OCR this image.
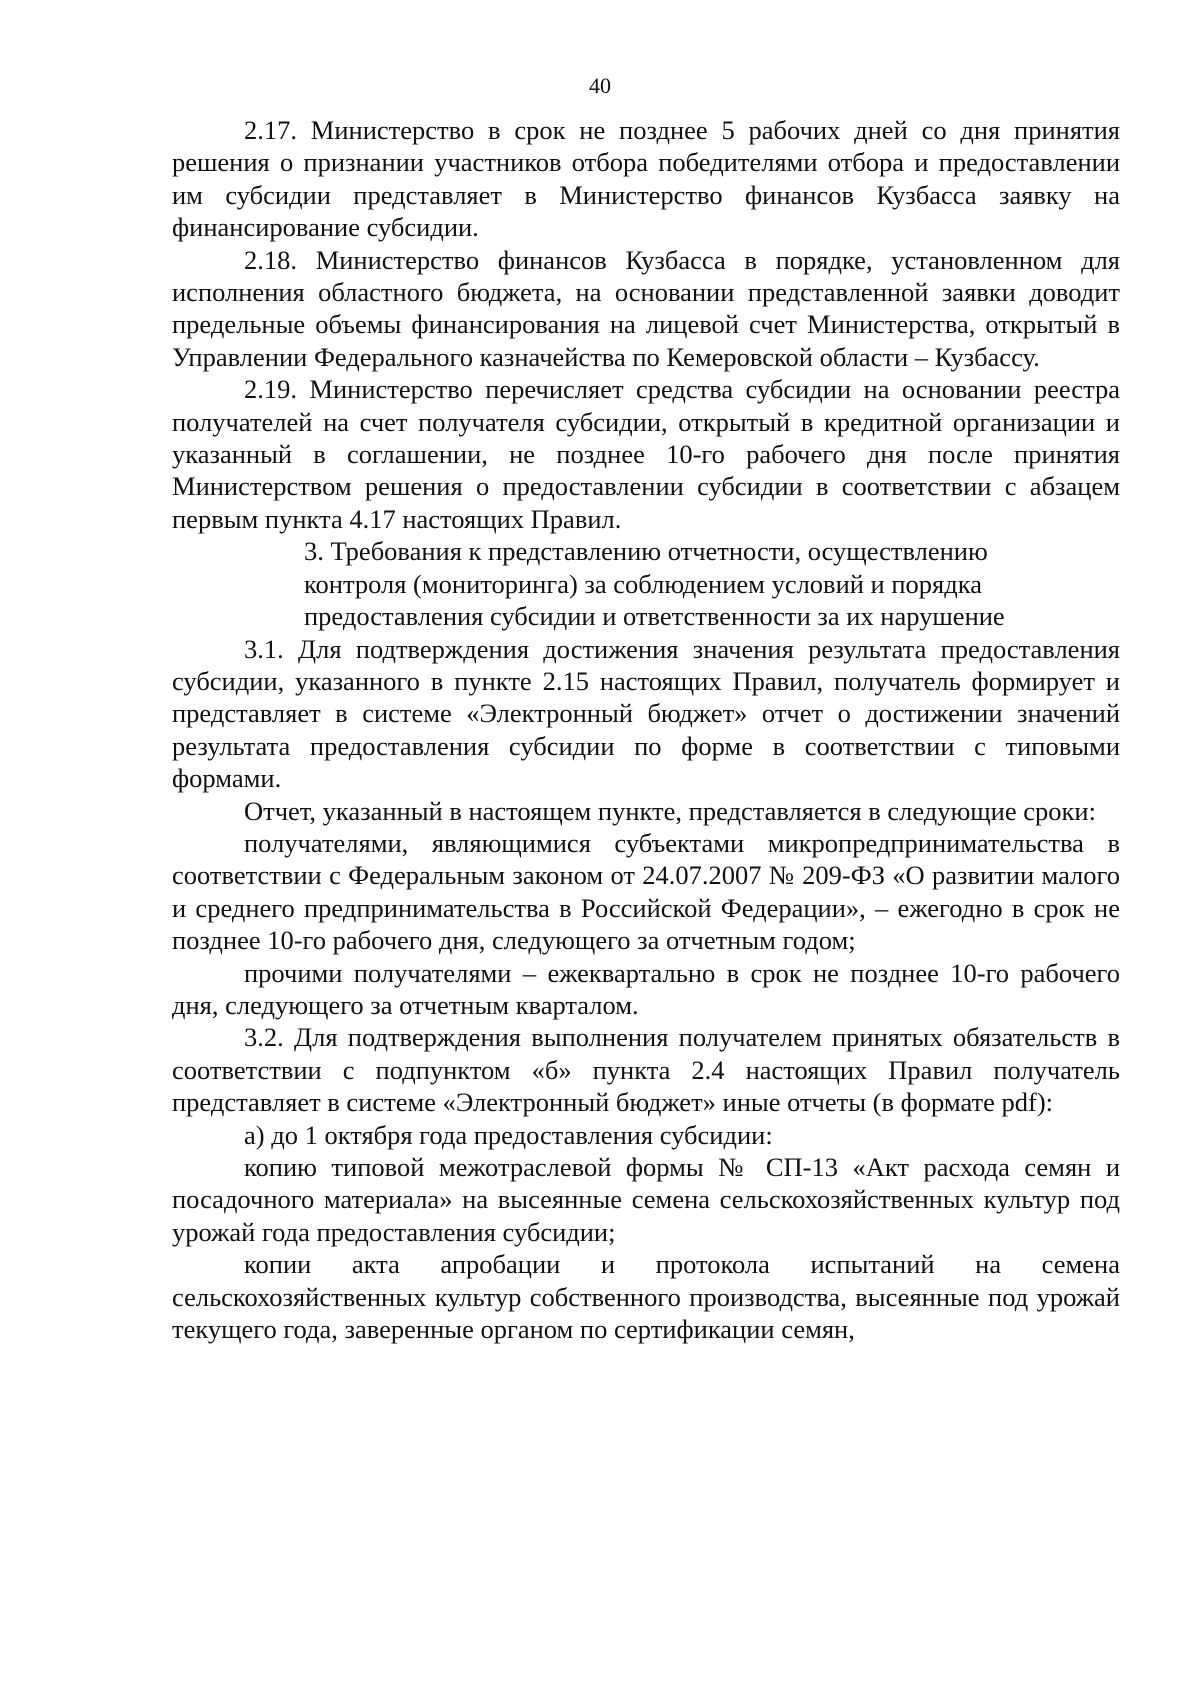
40

2.17. Министерство в срок не позднее 5 рабочих дней со дня принятия решения о признании участников отбора победителями отбора и предоставлении им субсидии представляет в Министерство финансов Кузбасса заявку на финансирование субсидии.

2.18. Министерство финансов Кузбасса в порядке, установленном для исполнения областного бюджета, на основании представленной заявки доводит предельные объемы финансирования на лицевой счет Министерства, открытый в Управлении Федерального казначейства по Кемеровской области – Кузбассу.

2.19. Министерство перечисляет средства субсидии на основании реестра получателей на счет получателя субсидии, открытый в кредитной организации и указанный в соглашении, не позднее 10-го рабочего дня после принятия Министерством решения о предоставлении субсидии в соответствии с абзацем первым пункта 4.17 настоящих Правил.

3. Требования к представлению отчетности, осуществлению
контроля (мониторинга) за соблюдением условий и порядка
предоставления субсидии и ответственности за их нарушение

3.1. Для подтверждения достижения значения результата предоставления субсидии, указанного в пункте 2.15 настоящих Правил, получатель формирует и представляет в системе «Электронный бюджет» отчет о достижении значений результата предоставления субсидии по форме в соответствии с типовыми формами.

Отчет, указанный в настоящем пункте, представляется в следующие сроки:

получателями, являющимися субъектами микропредпринимательства в соответствии с Федеральным законом от 24.07.2007 № 209-ФЗ «О развитии малого и среднего предпринимательства в Российской Федерации», – ежегодно в срок не позднее 10-го рабочего дня, следующего за отчетным годом;

прочими получателями – ежеквартально в срок не позднее 10-го рабочего дня, следующего за отчетным кварталом.

3.2. Для подтверждения выполнения получателем принятых обязательств в соответствии с подпунктом «б» пункта 2.4 настоящих Правил получатель представляет в системе «Электронный бюджет» иные отчеты (в формате pdf):

а) до 1 октября года предоставления субсидии:

копию типовой межотраслевой формы № СП-13 «Акт расхода семян и посадочного материала» на высеянные семена сельскохозяйственных культур под урожай года предоставления субсидии;

копии акта апробации и протокола испытаний на семена сельскохозяйственных культур собственного производства, высеянные под урожай текущего года, заверенные органом по сертификации семян,
